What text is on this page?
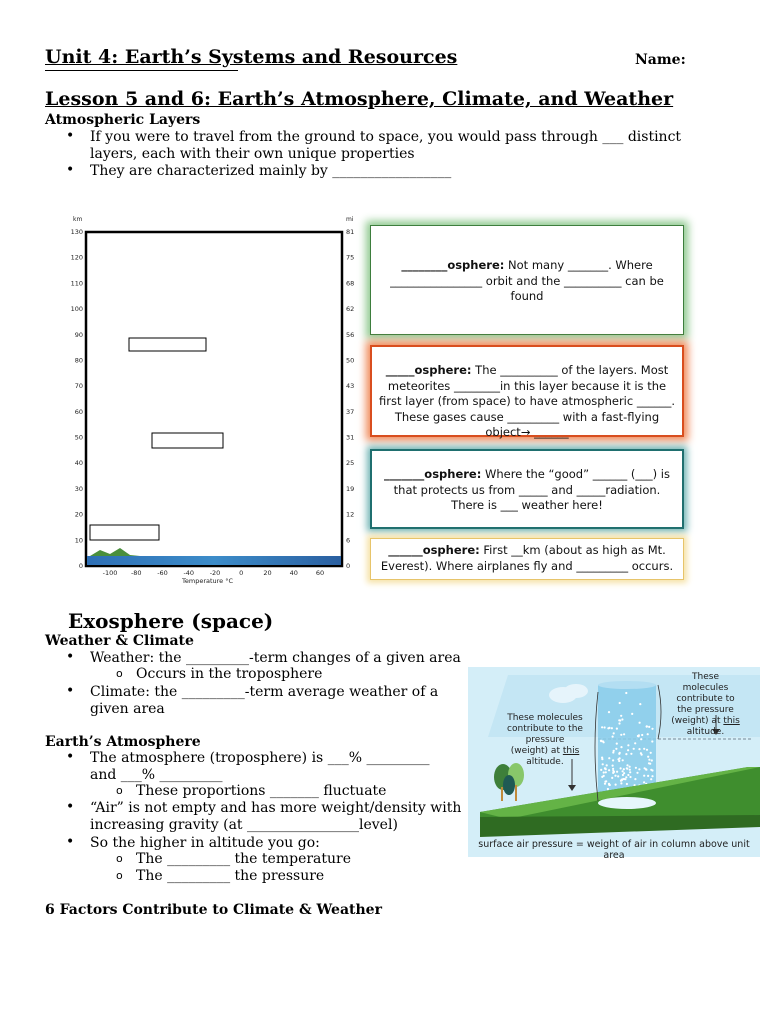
Unit 4: Earth’s Systems and Resources	Name:
Lesson 5 and 6: Earth’s Atmosphere, Climate, and Weather
Atmospheric Layers
• If you were to travel from the ground to space, you would pass through ___ distinct layers, each with their own unique properties
• They are characterized mainly by _________________
130
120
110
100
90
80
70
60
50
40
30
20
10
0
81
75
68
62
56
50
43
37
31
25
19
12
6
0
-100 -80 -60 -40 -20	0	20	40	60
km	mi
Temperature °C
________osphere: Not many _______. Where ________________ orbit and the __________ can be found
_____osphere: The __________ of the layers. Most meteorites ________in this layer because it is the first layer (from space) to have atmospheric ______. These gases cause _________ with a fast-flying object→ ______
_______osphere: Where the “good” ______ (___) is that protects us from _____ and _____radiation. There is ___ weather here!
______osphere: First __km (about as high as Mt. Everest). Where airplanes fly and _________ occurs.
Exosphere (space)
Weather & Climate
• Weather: the _________-term changes of a given area
o Occurs in the troposphere
• Climate: the _________-term average weather of a given area
Earth’s Atmosphere
• The atmosphere (troposphere) is ___% _________ and ___% _________
o These proportions _______ fluctuate
• “Air” is not empty and has more weight/density with increasing gravity (at ________________level)
• So the higher in altitude you go:
o The _________ the temperature
o The _________ the pressure
These molecules contribute to the pressure (weight) at this altitude.
These molecules contribute to the pressure (weight) at this altitude.
surface air pressure = weight of air in column above unit area
6 Factors Contribute to Climate & Weather
